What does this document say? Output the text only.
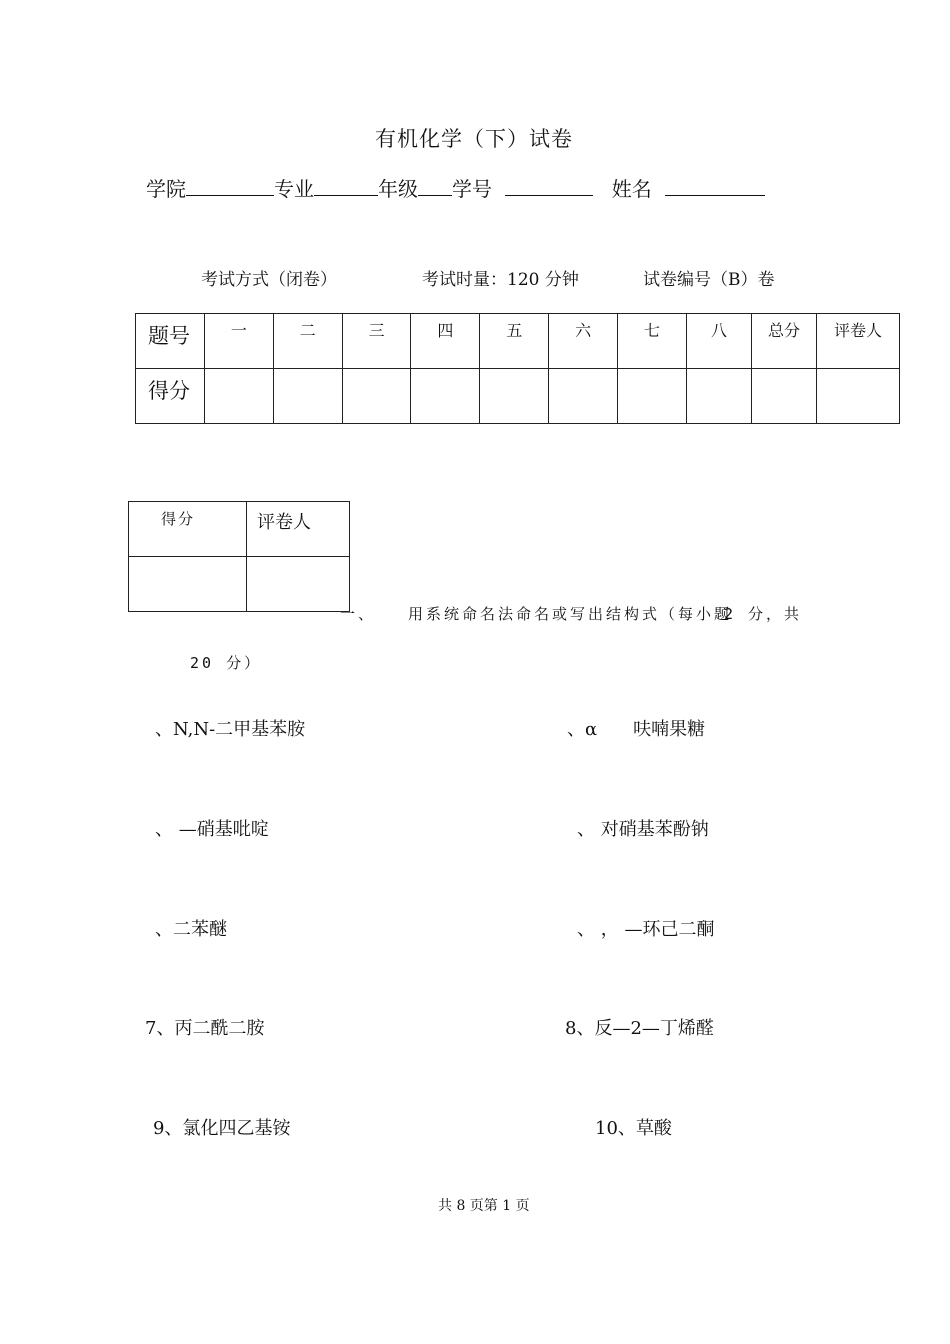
有机化学（下）试卷
学院	专业	年级 学号	姓名
考试方式（闭卷）	考试时量：120 分钟	试卷编号（B）卷
题号	一	二	三	四	五	六	七	八	总分	评卷人
得分										
得分	评卷人

一、 用系统命名法命名或写出结构式（每小题
2 分，共
20 分）
、N,N-二甲基苯胺	、α　　呋喃果糖
、 —硝基吡啶	、 对硝基苯酚钠
、二苯醚	、 ， —环己二酮
7、丙二酰二胺	8、反—2—丁烯醛
9、氯化四乙基铵	10、草酸
共 8 页第 1 页
